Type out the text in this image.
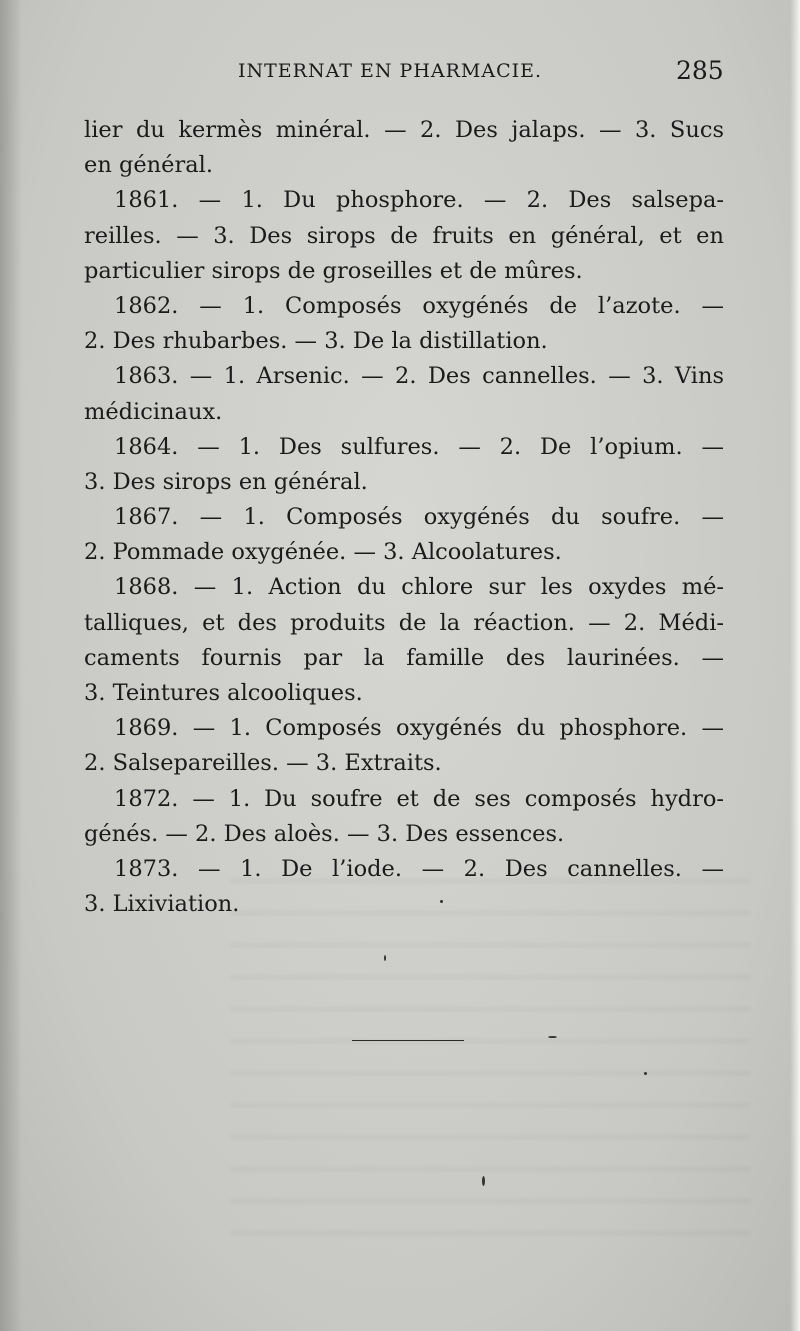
INTERNAT EN PHARMACIE.	285
lier du kermès minéral. — 2. Des jalaps. — 3. Sucs
en général.
1861. — 1. Du phosphore. — 2. Des salsepa-
reilles. — 3. Des sirops de fruits en général, et en
particulier sirops de groseilles et de mûres.
1862. — 1. Composés oxygénés de l’azote. —
2. Des rhubarbes. — 3. De la distillation.
1863. — 1. Arsenic. — 2. Des cannelles. — 3. Vins
médicinaux.
1864. — 1. Des sulfures. — 2. De l’opium. —
3. Des sirops en général.
1867. — 1. Composés oxygénés du soufre. —
2. Pommade oxygénée. — 3. Alcoolatures.
1868. — 1. Action du chlore sur les oxydes mé-
talliques, et des produits de la réaction. — 2. Médi-
caments fournis par la famille des laurinées. —
3. Teintures alcooliques.
1869. — 1. Composés oxygénés du phosphore. —
2. Salsepareilles. — 3. Extraits.
1872. — 1. Du soufre et de ses composés hydro-
génés. — 2. Des aloès. — 3. Des essences.
1873. — 1. De l’iode. — 2. Des cannelles. —
3. Lixiviation.
